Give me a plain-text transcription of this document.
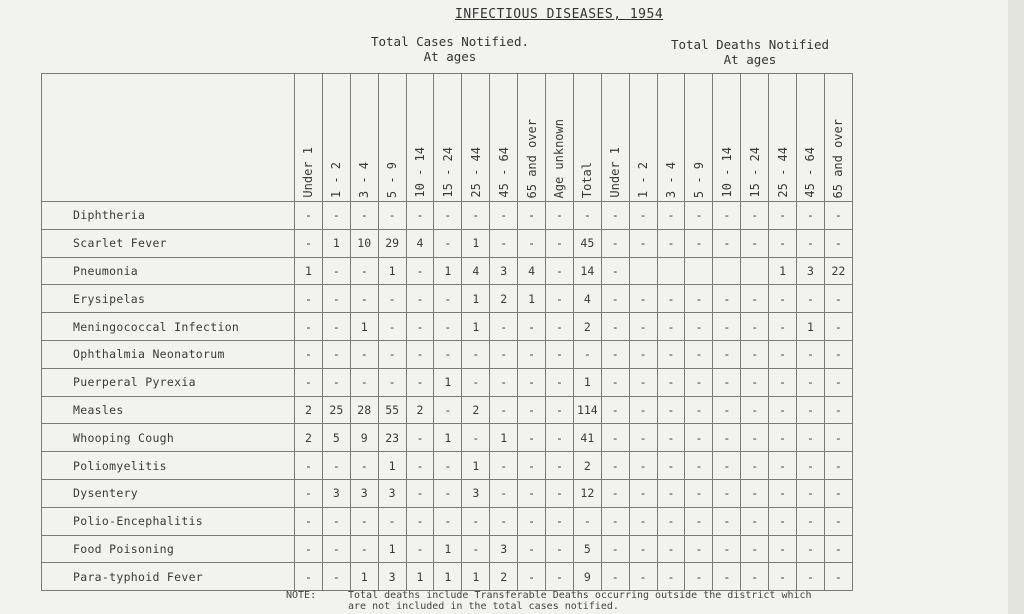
INFECTIOUS DISEASES, 1954
Total Cases Notified.
At ages
Total Deaths Notified
At ages
	Under 1	1 - 2	3 - 4	5 - 9	10 - 14	15 - 24	25 - 44	45 - 64	65 and over	Age unknown	Total	Under 1	1 - 2	3 - 4	5 - 9	10 - 14	15 - 24	25 - 44	45 - 64	65 and over
Diphtheria	-	-	-	-	-	-	-	-	-	-	-	-	-	-	-	-	-	-	-	-
Scarlet Fever	-	1	10	29	4	-	1	-	-	-	45	-	-	-	-	-	-	-	-	-
Pneumonia	1	-	-	1	-	1	4	3	4	-	14	-						1	3	22
Erysipelas	-	-	-	-	-	-	1	2	1	-	4	-	-	-	-	-	-	-	-	-
Meningococcal Infection	-	-	1	-	-	-	1	-	-	-	2	-	-	-	-	-	-	-	1	-
Ophthalmia Neonatorum	-	-	-	-	-	-	-	-	-	-	-	-	-	-	-	-	-	-	-	-
Puerperal Pyrexia	-	-	-	-	-	1	-	-	-	-	1	-	-	-	-	-	-	-	-	-
Measles	2	25	28	55	2	-	2	-	-	-	114	-	-	-	-	-	-	-	-	-
Whooping Cough	2	5	9	23	-	1	-	1	-	-	41	-	-	-	-	-	-	-	-	-
Poliomyelitis	-	-	-	1	-	-	1	-	-	-	2	-	-	-	-	-	-	-	-	-
Dysentery	-	3	3	3	-	-	3	-	-	-	12	-	-	-	-	-	-	-	-	-
Polio-Encephalitis	-	-	-	-	-	-	-	-	-	-	-	-	-	-	-	-	-	-	-	-
Food Poisoning	-	-	-	1	-	1	-	3	-	-	5	-	-	-	-	-	-	-	-	-
Para-typhoid Fever	-	-	1	3	1	1	1	2	-	-	9	-	-	-	-	-	-	-	-	-
NOTE:	Total deaths include Transferable Deaths occurring outside the district which are not included in the total cases notified.
